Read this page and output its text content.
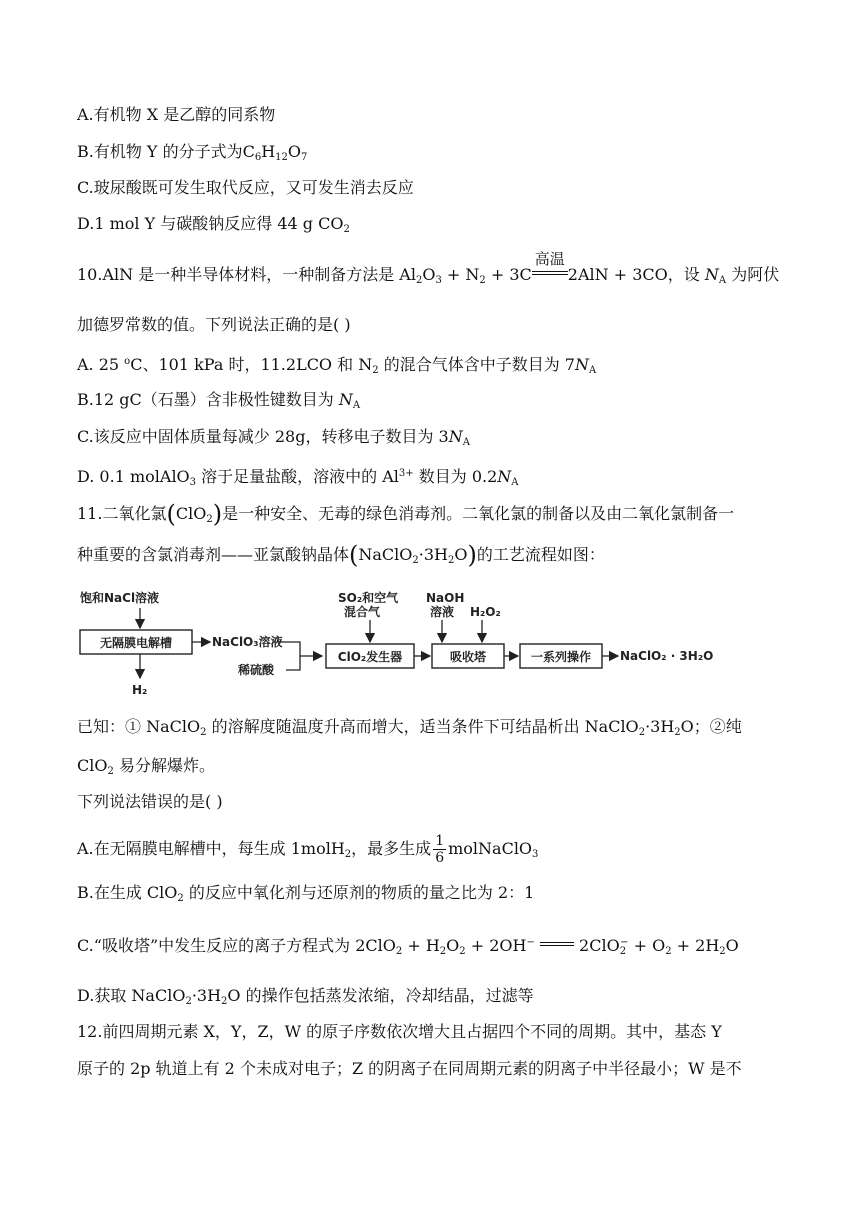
A.有机物 X 是乙醇的同系物
B.有机物 Y 的分子式为$C_6H_{12}O_7$
C.玻尿酸既可发生取代反应，又可发生消去反应
D.1 mol Y 与碳酸钠反应得 44 g $CO_2$
10.AlN 是一种半导体材料，一种制备方法是 $Al_2O_3 + N_2 + 3C$
高温
2AlN + 3CO，设 $N_A$ 为阿伏
加德罗常数的值。下列说法正确的是( )
A. 25 $^o$C、101 kPa 时，11.2LCO 和 $N_2$ 的混合气体含中子数目为 $7N_A$
B.12 gC（石墨）含非极性键数目为 $N_A$
C.该反应中固体质量每减少 28g，转移电子数目为 $3N_A$
D. 0.1 molAlO$_3$ 溶于足量盐酸，溶液中的 $Al^{3+}$ 数目为 $0.2N_A$
11.二氧化氯(ClO$_2$)是一种安全、无毒的绿色消毒剂。二氧化氯的制备以及由二氧化氯制备一
种重要的含氯消毒剂——亚氯酸钠晶体$(NaClO_2\cdot 3H_2O)$的工艺流程如图：
饱和NaCl溶液
无隔膜电解槽
H₂
NaClO₃溶液
稀硫酸
SO₂和空气
混合气
ClO₂发生器
NaOH
溶液 H₂O₂
吸收塔	一系列操作 NaClO₂ · 3H₂O
已知：① NaClO$_2$ 的溶解度随温度升高而增大，适当条件下可结晶析出 $NaClO_2\cdot 3H_2O$；②纯
ClO$_2$ 易分解爆炸。
下列说法错误的是( )
A.在无隔膜电解槽中，每生成 1molH$_2$，最多生成 $\frac{1}{6}$ molNaClO$_3$
B.在生成 ClO$_2$ 的反应中氧化剂与还原剂的物质的量之比为 2：1
C.“吸收塔”中发生反应的离子方程式为 $2ClO_2 + H_2O_2 + 2OH^-$  $2ClO_2^- + O_2 + 2H_2O$
D.获取 $NaClO_2\cdot 3H_2O$ 的操作包括蒸发浓缩，冷却结晶，过滤等
12.前四周期元素 X，Y，Z，W 的原子序数依次增大且占据四个不同的周期。其中，基态 Y
原子的 2p 轨道上有 2 个未成对电子；Z 的阴离子在同周期元素的阴离子中半径最小；W 是不
